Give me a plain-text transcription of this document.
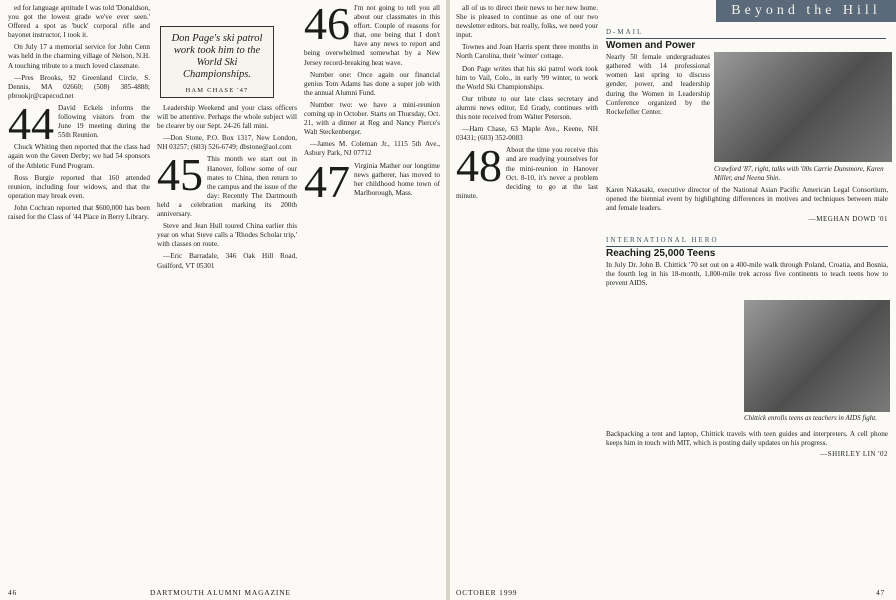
ed for language aptitude I was told 'Donaldson, you got the lowest grade we've ever seen.' Offered a spot as 'buck' corporal rifle and bayonet instructor, I took it.

On July 17 a memorial service for John Cenn was held in the charming village of Nelson, N.H. A touching tribute to a much loved classmate.

—Pres Brooks, 92 Greenland Circle, S. Dennis, MA 02660; (508) 385-4888; pbrookjr@capecod.net

44 David Eckels informs the following visitors from the June 19 meeting during the 55th Reunion.

Chuck Whiting then reported that the class had again won the Green Derby; we had 54 sponsors of the Athletic Fund Program.

Ross Burgie reported that 160 attended reunion, including four widows, and that the operation may break even.

John Cochran reported that $600,000 has been raised for the Class of '44 Place in Berry Library.

Don Page's ski patrol work took him to the World Ski Championships.
HAM CHASE '47

Leadership Weekend and your class officers will be attentive. Perhaps the whole subject will be clearer by our Sept. 24-26 fall mini.

—Don Stone, P.O. Box 1317, New London, NH 03257; (603) 526-6749; dbstone@aol.com

45 This month we start out in Hanover, follow some of our mates to China, then return to the campus and the issue of the day: Recently The Dartmouth held a celebration marking its 200th anniversary.

Steve and Jean Hull toured China earlier this year on what Steve calls a 'Rhodes Scholar trip,' with classes on route.

—Eric Barradale, 346 Oak Hill Road, Guilford, VT 05301

46 I'm not going to tell you all about our classmates in this effort. Couple of reasons for that, one being that I don't have any news to report and being overwhelmed somewhat by a New Jersey record-breaking heat wave.

Number one: Once again our financial genius Tom Adams has done a super job with the annual Alumni Fund.

Number two: we have a mini-reunion coming up in October. Starts on Thursday, Oct. 21, with a dinner at Reg and Nancy Pierce's Walt Steckenberger.

—James M. Coleman Jr., 1115 5th Ave., Asbury Park, NJ 07712

47 Virginia Mather our longtime news gatherer, has moved to her childhood home town of Marlborough, Mass.

46	DARTMOUTH ALUMNI MAGAZINE

all of us to direct their news to her new home. She is pleased to continue as one of our two newsletter editors, but really, folks, we need your input.

Townes and Joan Harris spent three months in North Carolina, their 'winter' cottage.

Don Page writes that his ski patrol work took him to Vail, Colo., in early '99 winter, to work the World Ski Championships.

Our tribute to our late class secretary and alumni news editor, Ed Grady, continues with this note received from Walter Peterson.

—Ham Chase, 63 Maple Ave., Keene, NH 03431; (603) 352-0083

48 About the time you receive this and are readying yourselves for the mini-reunion in Hanover Oct. 8-10, it's never a problem deciding to go at the last minute.

OCTOBER 1999	47
Beyond the Hill
D-MAIL
Women and Power
Nearly 50 female undergraduates gathered with 14 professional women last spring to discuss gender, power, and leadership during the Women in Leadership Conference organized by the Rockefeller Center.
Crawford '87, right, talks with '00s Carrie Dunsmore, Karen Miller, and Neena Shin.
Karen Nakasaki, executive director of the National Asian Pacific American Legal Consortium, opened the biennial event by highlighting differences in motives and techniques between male and female leaders.
—MEGHAN DOWD '01
INTERNATIONAL HERO
Reaching 25,000 Teens
In July Dr. John B. Chittick '70 set out on a 400-mile walk through Poland, Croatia, and Bosnia, the fourth leg in his 18-month, 1,800-mile trek across five continents to teach teens how to prevent AIDS.
Chittick enrolls teens as teachers in AIDS fight.
Backpacking a tent and laptop, Chittick travels with teen guides and interpreters. A cell phone keeps him in touch with MIT, which is posting daily updates on his progress.
—SHIRLEY LIN '02
